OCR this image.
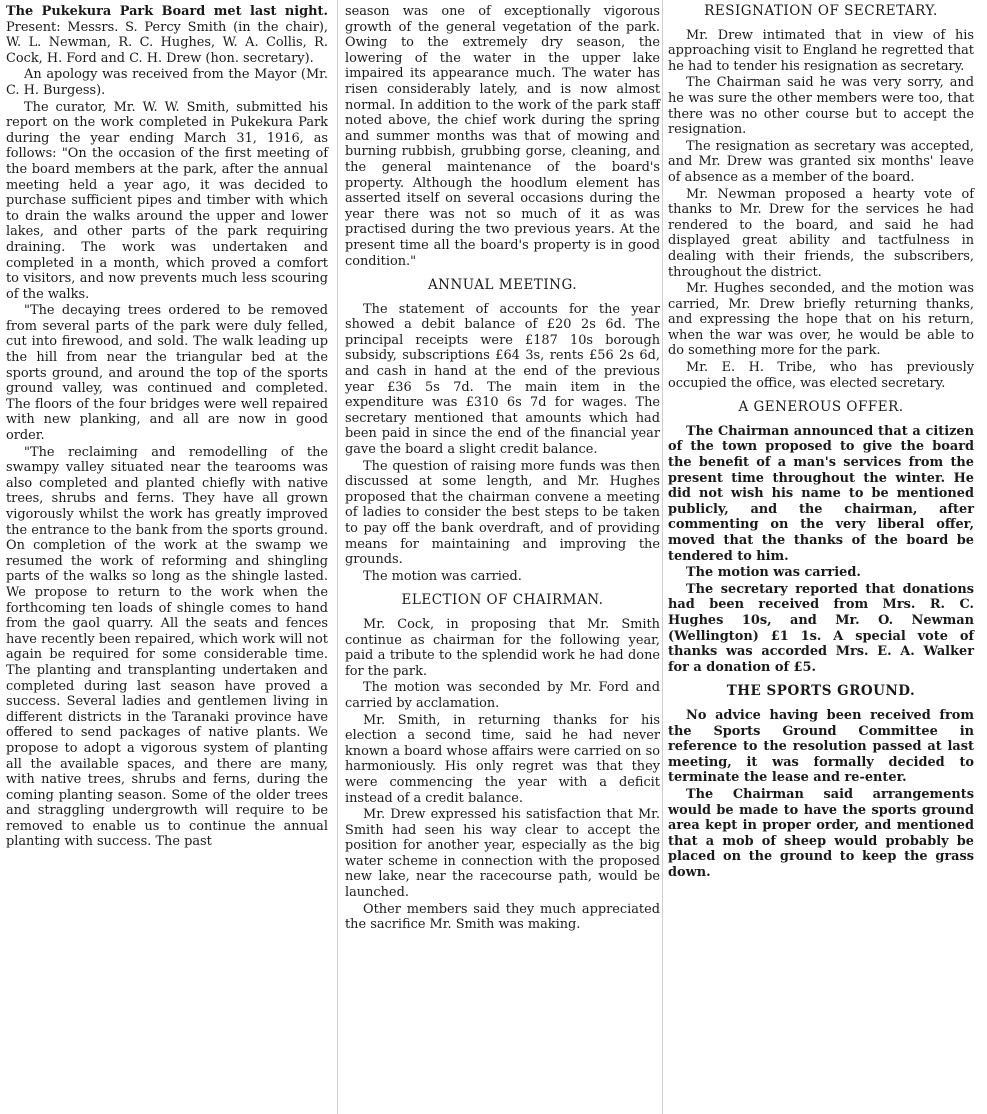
The Pukekura Park Board met last night. Present: Messrs. S. Percy Smith (in the chair), W. L. Newman, R. C. Hughes, W. A. Collis, R. Cock, H. Ford and C. H. Drew (hon. secretary).

An apology was received from the Mayor (Mr. C. H. Burgess).

The curator, Mr. W. W. Smith, submitted his report on the work completed in Pukekura Park during the year ending March 31, 1916, as follows: "On the occasion of the first meeting of the board members at the park, after the annual meeting held a year ago, it was decided to purchase sufficient pipes and timber with which to drain the walks around the upper and lower lakes, and other parts of the park requiring draining. The work was undertaken and completed in a month, which proved a comfort to visitors, and now prevents much less scouring of the walks.

"The decaying trees ordered to be removed from several parts of the park were duly felled, cut into firewood, and sold. The walk leading up the hill from near the triangular bed at the sports ground, and around the top of the sports ground valley, was continued and completed. The floors of the four bridges were well repaired with new planking, and all are now in good order.

"The reclaiming and remodelling of the swampy valley situated near the tearooms was also completed and planted chiefly with native trees, shrubs and ferns. They have all grown vigorously whilst the work has greatly improved the entrance to the bank from the sports ground. On completion of the work at the swamp we resumed the work of reforming and shingling parts of the walks so long as the shingle lasted. We propose to return to the work when the forthcoming ten loads of shingle comes to hand from the gaol quarry. All the seats and fences have recently been repaired, which work will not again be required for some considerable time. The planting and transplanting undertaken and completed during last season have proved a success. Several ladies and gentlemen living in different districts in the Taranaki province have offered to send packages of native plants. We propose to adopt a vigorous system of planting all the available spaces, and there are many, with native trees, shrubs and ferns, during the coming planting season. Some of the older trees and straggling undergrowth will require to be removed to enable us to continue the annual planting with success. The past

season was one of exceptionally vigorous growth of the general vegetation of the park. Owing to the extremely dry season, the lowering of the water in the upper lake impaired its appearance much. The water has risen considerably lately, and is now almost normal. In addition to the work of the park staff noted above, the chief work during the spring and summer months was that of mowing and burning rubbish, grubbing gorse, cleaning, and the general maintenance of the board's property. Although the hoodlum element has asserted itself on several occasions during the year there was not so much of it as was practised during the two previous years. At the present time all the board's property is in good condition."

ANNUAL MEETING.

The statement of accounts for the year showed a debit balance of £20 2s 6d. The principal receipts were £187 10s borough subsidy, subscriptions £64 3s, rents £56 2s 6d, and cash in hand at the end of the previous year £36 5s 7d. The main item in the expenditure was £310 6s 7d for wages. The secretary mentioned that amounts which had been paid in since the end of the financial year gave the board a slight credit balance.

The question of raising more funds was then discussed at some length, and Mr. Hughes proposed that the chairman convene a meeting of ladies to consider the best steps to be taken to pay off the bank overdraft, and of providing means for maintaining and improving the grounds.

The motion was carried.

ELECTION OF CHAIRMAN.

Mr. Cock, in proposing that Mr. Smith continue as chairman for the following year, paid a tribute to the splendid work he had done for the park.

The motion was seconded by Mr. Ford and carried by acclamation.

Mr. Smith, in returning thanks for his election a second time, said he had never known a board whose affairs were carried on so harmoniously. His only regret was that they were commencing the year with a deficit instead of a credit balance.

Mr. Drew expressed his satisfaction that Mr. Smith had seen his way clear to accept the position for another year, especially as the big water scheme in connection with the proposed new lake, near the racecourse path, would be launched.

Other members said they much appreciated the sacrifice Mr. Smith was making.

RESIGNATION OF SECRETARY.

Mr. Drew intimated that in view of his approaching visit to England he regretted that he had to tender his resignation as secretary.

The Chairman said he was very sorry, and he was sure the other members were too, that there was no other course but to accept the resignation.

The resignation as secretary was accepted, and Mr. Drew was granted six months' leave of absence as a member of the board.

Mr. Newman proposed a hearty vote of thanks to Mr. Drew for the services he had rendered to the board, and said he had displayed great ability and tactfulness in dealing with their friends, the subscribers, throughout the district.

Mr. Hughes seconded, and the motion was carried, Mr. Drew briefly returning thanks, and expressing the hope that on his return, when the war was over, he would be able to do something more for the park.

Mr. E. H. Tribe, who has previously occupied the office, was elected secretary.

A GENEROUS OFFER.

The Chairman announced that a citizen of the town proposed to give the board the benefit of a man's services from the present time throughout the winter. He did not wish his name to be mentioned publicly, and the chairman, after commenting on the very liberal offer, moved that the thanks of the board be tendered to him.

The motion was carried.

The secretary reported that donations had been received from Mrs. R. C. Hughes 10s, and Mr. O. Newman (Wellington) £1 1s. A special vote of thanks was accorded Mrs. E. A. Walker for a donation of £5.

THE SPORTS GROUND.

No advice having been received from the Sports Ground Committee in reference to the resolution passed at last meeting, it was formally decided to terminate the lease and re-enter.

The Chairman said arrangements would be made to have the sports ground area kept in proper order, and mentioned that a mob of sheep would probably be placed on the ground to keep the grass down.
